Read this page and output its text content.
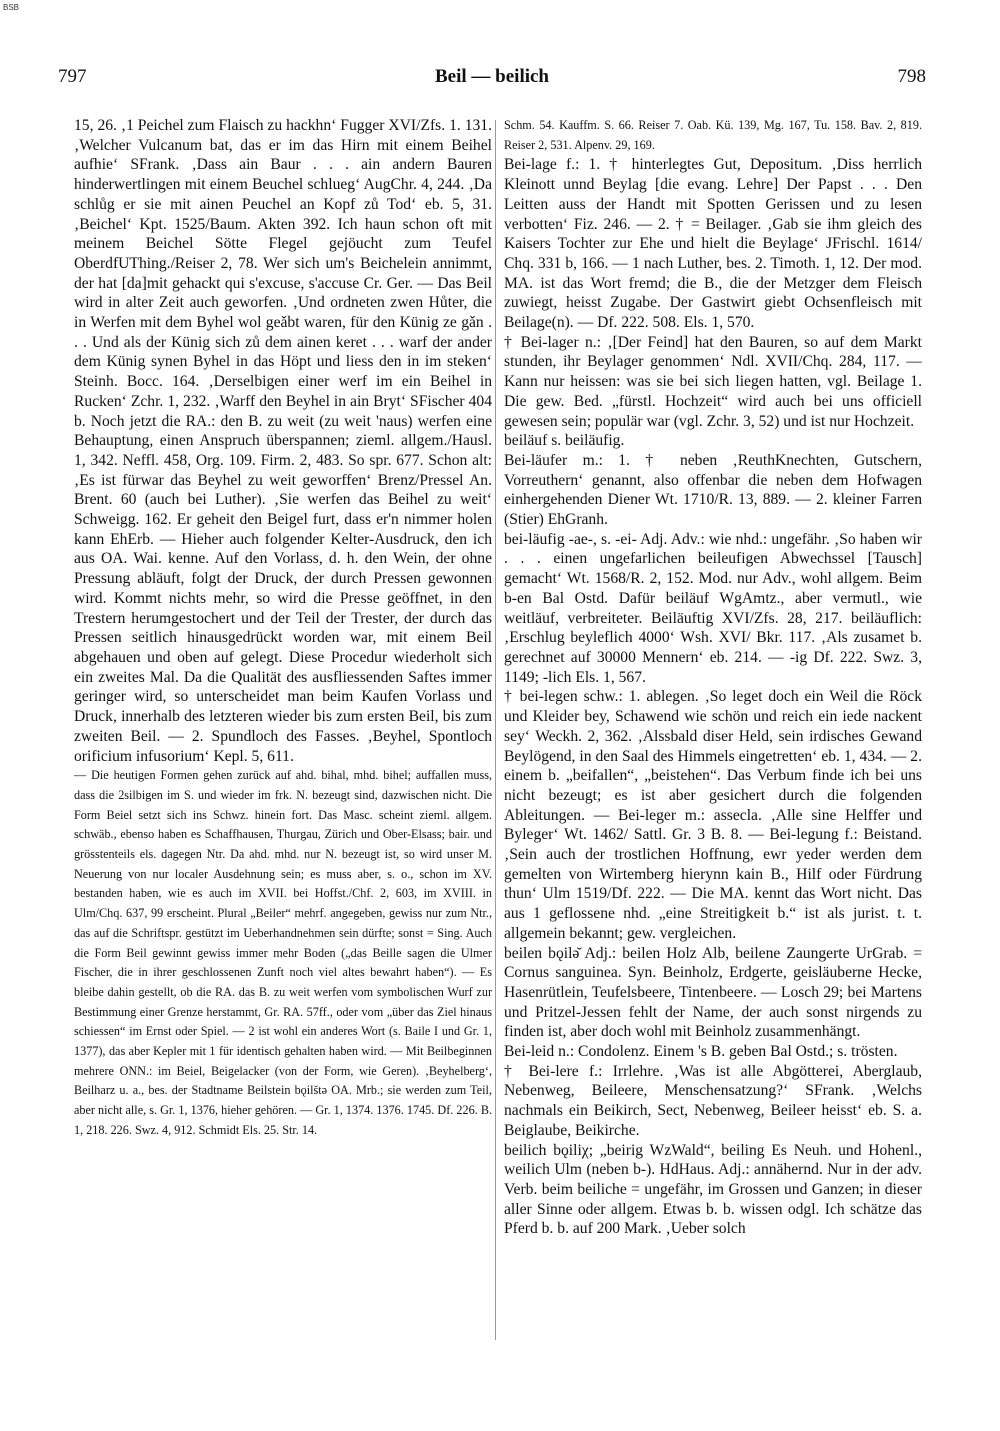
BSB
797	Beil — beilich	798

15, 26. ‚1 Peichel zum Flaisch zu hackhn‘ Fugger XVI/Zfs. 1. 131. ‚Welcher Vulcanum bat, das er im das Hirn mit einem Beihel aufhie‘ SFrank. ‚Dass ain Baur . . . ain andern Bauren hinderwertlingen mit einem Beuchel schlueg‘ AugChr. 4, 244. ‚Da schlůg er sie mit ainen Peuchel an Kopf zů Tod‘ eb. 5, 31. ‚Beichel‘ Kpt. 1525/Baum. Akten 392. Ich haun schon oft mit meinem Beichel Sötte Flegel gejöucht zum Teufel OberdfUThing./Reiser 2, 78. Wer sich um's Beichelein annimmt, der hat [da]mit gehackt qui s'excuse, s'accuse Cr. Ger. — Das Beil wird in alter Zeit auch geworfen. ‚Und ordneten zwen Hůter, die in Werfen mit dem Byhel wol geǎbt waren, für den Künig ze gǎn . . . Und als der Künig sich zů dem ainen keret . . . warf der ander dem Künig synen Byhel in das Höpt und liess den in im steken‘ Steinh. Bocc. 164. ‚Derselbigen einer werf im ein Beihel in Rucken‘ Zchr. 1, 232. ‚Warff den Beyhel in ain Bryt‘ SFischer 404 b. Noch jetzt die RA.: den B. zu weit (zu weit 'naus) werfen eine Behauptung, einen Anspruch überspannen; zieml. allgem./Hausl. 1, 342. Neffl. 458, Org. 109. Firm. 2, 483. So spr. 677. Schon alt: ‚Es ist fürwar das Beyhel zu weit geworffen‘ Brenz/Pressel An. Brent. 60 (auch bei Luther). ‚Sie werfen das Beihel zu weit‘ Schweigg. 162. Er geheit den Beigel furt, dass er'n nimmer holen kann EhErb. — Hieher auch folgender Kelter-Ausdruck, den ich aus OA. Wai. kenne. Auf den Vorlass, d. h. den Wein, der ohne Pressung abläuft, folgt der Druck, der durch Pressen gewonnen wird. Kommt nichts mehr, so wird die Presse geöffnet, in den Trestern herumgestochert und der Teil der Trester, der durch das Pressen seitlich hinausgedrückt worden war, mit einem Beil abgehauen und oben auf gelegt. Diese Procedur wiederholt sich ein zweites Mal. Da die Qualität des ausfliessenden Saftes immer geringer wird, so unterscheidet man beim Kaufen Vorlass und Druck, innerhalb des letzteren wieder bis zum ersten Beil, bis zum zweiten Beil. — 2. Spundloch des Fasses. ‚Beyhel, Spontloch orificium infusorium‘ Kepl. 5, 611.

— Die heutigen Formen gehen zurück auf ahd. bihal, mhd. bihel; auffallen muss, dass die 2silbigen im S. und wieder im frk. N. bezeugt sind, dazwischen nicht. Die Form Beiel setzt sich ins Schwz. hinein fort. Das Masc. scheint zieml. allgem. schwäb., ebenso haben es Schaffhausen, Thurgau, Zürich und Ober-Elsass; bair. und grösstenteils els. dagegen Ntr. Da ahd. mhd. nur N. bezeugt ist, so wird unser M. Neuerung von nur localer Ausdehnung sein; es muss aber, s. o., schon im XV. bestanden haben, wie es auch im XVII. bei Hoffst./Chf. 2, 603, im XVIII. in Ulm/Chq. 637, 99 erscheint. Plural „Beiler“ mehrf. angegeben, gewiss nur zum Ntr., das auf die Schriftspr. gestützt im Ueberhandnehmen sein dürfte; sonst = Sing. Auch die Form Beil gewinnt gewiss immer mehr Boden („das Beille sagen die Ulmer Fischer, die in ihrer geschlossenen Zunft noch viel altes bewahrt haben“). — Es bleibe dahin gestellt, ob die RA. das B. zu weit werfen vom symbolischen Wurf zur Bestimmung einer Grenze herstammt, Gr. RA. 57ff., oder vom „über das Ziel hinaus schiessen“ im Ernst oder Spiel. — 2 ist wohl ein anderes Wort (s. Baile I und Gr. 1, 1377), das aber Kepler mit 1 für identisch gehalten haben wird. — Mit Beilbeginnen mehrere ONN.: im Beiel, Beigelacker (von der Form, wie Geren). ‚Beyhelberg‘, Beilharz u. a., bes. der Stadtname Beilstein bǫilštə OA. Mrb.; sie werden zum Teil, aber nicht alle, s. Gr. 1, 1376, hieher gehören. — Gr. 1, 1374. 1376. 1745. Df. 226. B. 1, 218. 226. Swz. 4, 912. Schmidt Els. 25. Str. 14.

Schm. 54. Kauffm. S. 66. Reiser 7. Oab. Kü. 139, Mg. 167, Tu. 158. Bav. 2, 819. Reiser 2, 531. Alpenv. 29, 169.

Bei-lage f.: 1. † hinterlegtes Gut, Depositum. ‚Diss herrlich Kleinott unnd Beylag [die evang. Lehre] Der Papst . . . Den Leitten auss der Handt mit Spotten Gerissen und zu lesen verbotten‘ Fiz. 246. — 2. † = Beilager. ‚Gab sie ihm gleich des Kaisers Tochter zur Ehe und hielt die Beylage‘ JFrischl. 1614/ Chq. 331 b, 166. — 1 nach Luther, bes. 2. Timoth. 1, 12. Der mod. MA. ist das Wort fremd; die B., die der Metzger dem Fleisch zuwiegt, heisst Zugabe. Der Gastwirt giebt Ochsenfleisch mit Beilage(n). — Df. 222. 508. Els. 1, 570.

† Bei-lager n.: ‚[Der Feind] hat den Bauren, so auf dem Markt stunden, ihr Beylager genommen‘ Ndl. XVII/Chq. 284, 117. — Kann nur heissen: was sie bei sich liegen hatten, vgl. Beilage 1. Die gew. Bed. „fürstl. Hochzeit“ wird auch bei uns officiell gewesen sein; populär war (vgl. Zchr. 3, 52) und ist nur Hochzeit.

beiläuf s. beiläufig.

Bei-läufer m.: 1. † neben ‚ReuthKnechten, Gutschern, Vorreuthern‘ genannt, also offenbar die neben dem Hofwagen einhergehenden Diener Wt. 1710/R. 13, 889. — 2. kleiner Farren (Stier) EhGranh.

bei-läufig -ae-, s. -ei- Adj. Adv.: wie nhd.: ungefähr. ‚So haben wir . . . einen ungefarlichen beileufigen Abwechssel [Tausch] gemacht‘ Wt. 1568/R. 2, 152. Mod. nur Adv., wohl allgem. Beim b-en Bal Ostd. Dafür beiläuf WgAmtz., aber vermutl., wie weitläuf, verbreiteter. Beiläuftig XVI/Zfs. 28, 217. beiläuflich: ‚Erschlug beyleflich 4000‘ Wsh. XVI/ Bkr. 117. ‚Als zusamet b. gerechnet auf 30000 Mennern‘ eb. 214. — -ig Df. 222. Swz. 3, 1149; -lich Els. 1, 567.

† bei-legen schw.: 1. ablegen. ‚So leget doch ein Weil die Röck und Kleider bey, Schawend wie schön und reich ein iede nackent sey‘ Weckh. 2, 362. ‚Alssbald diser Held, sein irdisches Gewand Beylögend, in den Saal des Himmels eingetretten‘ eb. 1, 434. — 2. einem b. „beifallen“, „beistehen“. Das Verbum finde ich bei uns nicht bezeugt; es ist aber gesichert durch die folgenden Ableitungen. — Bei-leger m.: assecla. ‚Alle sine Helffer und Byleger‘ Wt. 1462/ Sattl. Gr. 3 B. 8. — Bei-legung f.: Beistand. ‚Sein auch der trostlichen Hoffnung, ewr yeder werden dem gemelten von Wirtemberg hierynn kain B., Hilf oder Fürdrung thun‘ Ulm 1519/Df. 222. — Die MA. kennt das Wort nicht. Das aus 1 geflossene nhd. „eine Streitigkeit b.“ ist als jurist. t. t. allgemein bekannt; gew. vergleichen.

beilen bǫilə̆ Adj.: beilen Holz Alb, beilene Zaungerte UrGrab. = Cornus sanguinea. Syn. Beinholz, Erdgerte, geisläuberne Hecke, Hasenrütlein, Teufelsbeere, Tintenbeere. — Losch 29; bei Martens und Pritzel-Jessen fehlt der Name, der auch sonst nirgends zu finden ist, aber doch wohl mit Beinholz zusammenhängt.

Bei-leid n.: Condolenz. Einem 's B. geben Bal Ostd.; s. trösten.

† Bei-lere f.: Irrlehre. ‚Was ist alle Abgötterei, Aberglaub, Nebenweg, Beileere, Menschensatzung?‘ SFrank. ‚Welchs nachmals ein Beikirch, Sect, Nebenweg, Beileer heisst‘ eb. S. a. Beiglaube, Beikirche.

beilich bǫiliχ; „beirig WzWald“, beiling Es Neuh. und Hohenl., weilich Ulm (neben b-). HdHaus. Adj.: annähernd. Nur in der adv. Verb. beim beiliche = ungefähr, im Grossen und Ganzen; in dieser aller Sinne oder allgem. Etwas b. b. wissen odgl. Ich schätze das Pferd b. b. auf 200 Mark. ‚Ueber solch
